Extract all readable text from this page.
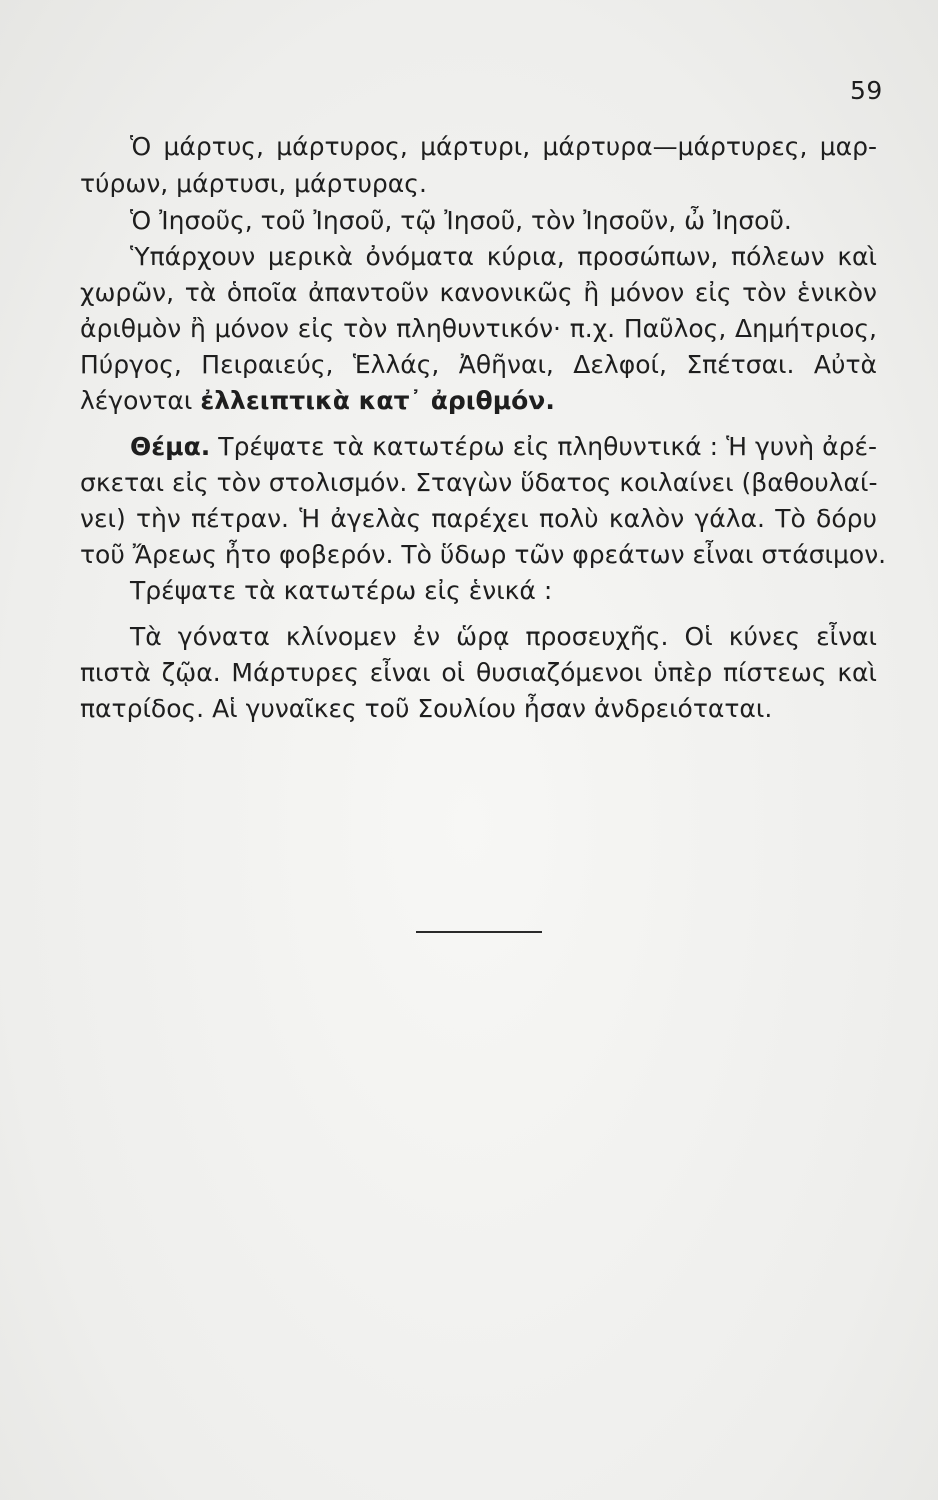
59
Ὁ μάρτυς, μάρτυρος, μάρτυρι, μάρτυρα—μάρτυρες, μαρ-
τύρων, μάρτυσι, μάρτυρας.
Ὁ Ἰησοῦς, τοῦ Ἰησοῦ, τῷ Ἰησοῦ, τὸν Ἰησοῦν, ὦ Ἰησοῦ.
Ὑπάρχουν μερικὰ ὀνόματα κύρια, προσώπων, πόλεων καὶ
χωρῶν, τὰ ὁποῖα ἀπαντοῦν κανονικῶς ἢ μόνον εἰς τὸν ἑνικὸν
ἀριθμὸν ἢ μόνον εἰς τὸν πληθυντικόν· π.χ. Παῦλος, Δημήτριος,
Πύργος, Πειραιεύς, Ἑλλάς, Ἀθῆναι, Δελφοί, Σπέτσαι. Αὐτὰ
λέγονται ἐλλειπτικὰ κατ᾽ ἀριθμόν.
Θέμα. Τρέψατε τὰ κατωτέρω εἰς πληθυντικά : Ἡ γυνὴ ἀρέ-
σκεται εἰς τὸν στολισμόν. Σταγὼν ὕδατος κοιλαίνει (βαθουλαί-
νει) τὴν πέτραν. Ἡ ἀγελὰς παρέχει πολὺ καλὸν γάλα. Τὸ δόρυ
τοῦ Ἄρεως ἦτο φοβερόν. Τὸ ὕδωρ τῶν φρεάτων εἶναι στάσιμον.
Τρέψατε τὰ κατωτέρω εἰς ἑνικά :
Τὰ γόνατα κλίνομεν ἐν ὥρᾳ προσευχῆς. Οἱ κύνες εἶναι
πιστὰ ζῷα. Μάρτυρες εἶναι οἱ θυσιαζόμενοι ὑπὲρ πίστεως καὶ
πατρίδος. Αἱ γυναῖκες τοῦ Σουλίου ἦσαν ἀνδρειόταται.
